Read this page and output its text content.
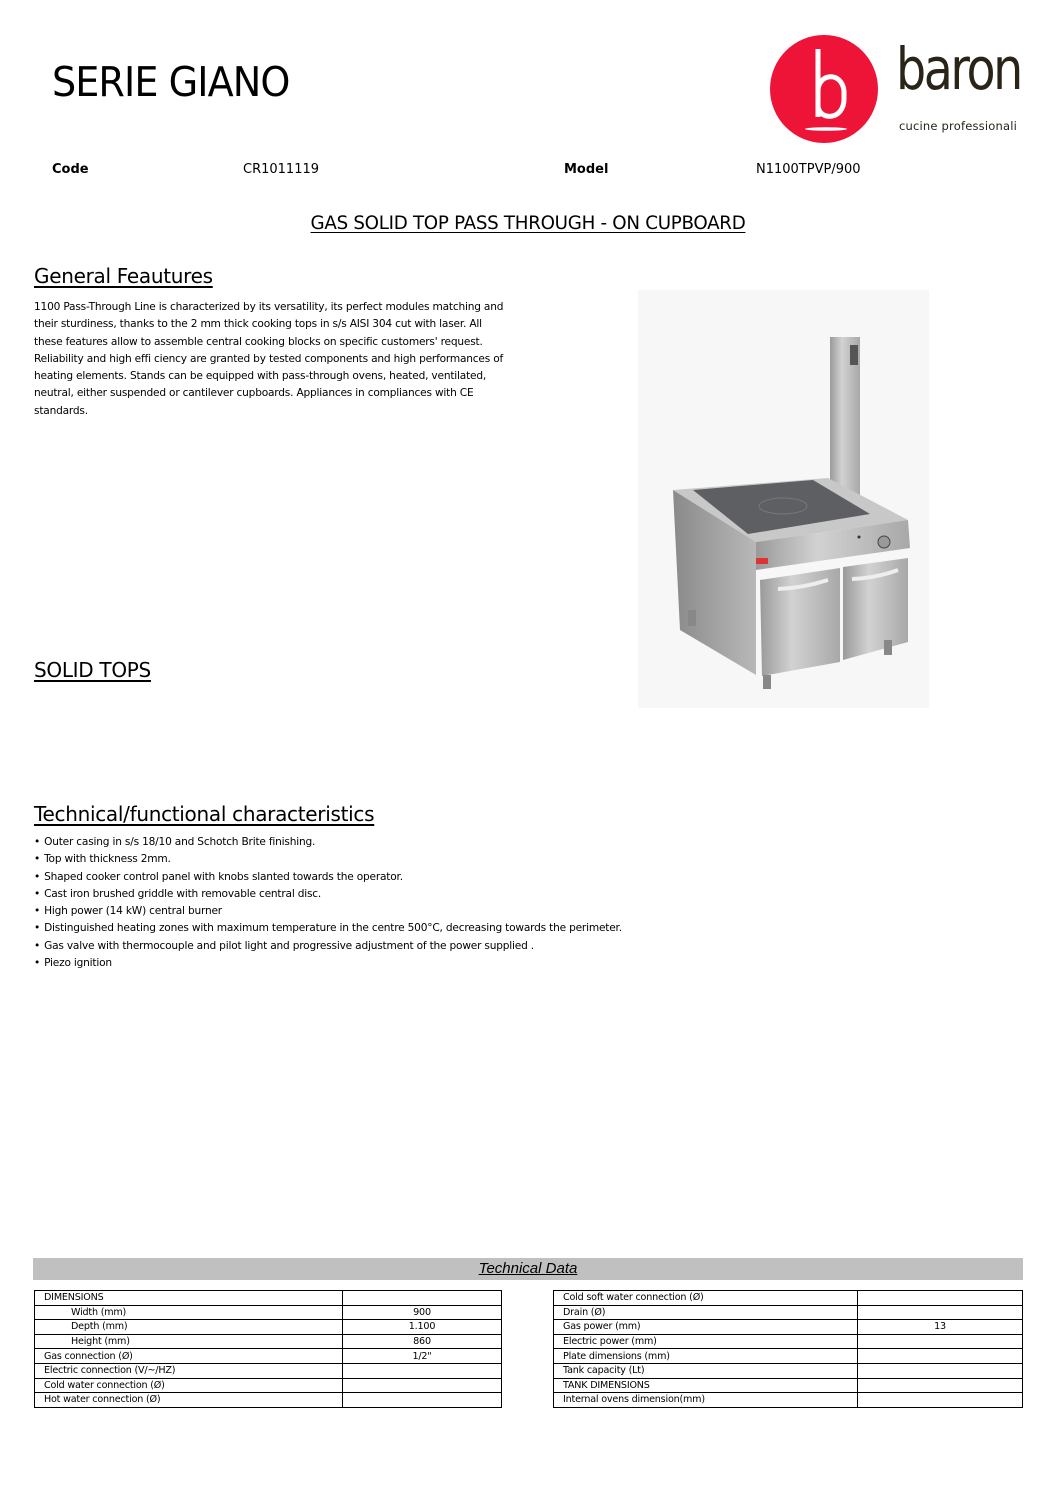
SERIE GIANO	baron
cucine professionali
Code	CR1011119	Model	N1100TPVP/900
GAS SOLID TOP PASS THROUGH - ON CUPBOARD
General Feautures
1100 Pass-Through Line is characterized by its versatility, its perfect modules matching and
their sturdiness, thanks to the 2 mm thick cooking tops in s/s AISI 304 cut with laser. All
these features allow to assemble central cooking blocks on specific customers' request.
Reliability and high effi ciency are granted by tested components and high performances of
heating elements. Stands can be equipped with pass-through ovens, heated, ventilated,
neutral, either suspended or cantilever cupboards. Appliances in compliances with CE
standards.
SOLID TOPS
Technical/functional characteristics
• Outer casing in s/s 18/10 and Schotch Brite finishing.
• Top with thickness 2mm.
• Shaped cooker control panel with knobs slanted towards the operator.
• Cast iron brushed griddle with removable central disc.
• High power (14 kW) central burner
• Distinguished heating zones with maximum temperature in the centre 500°C, decreasing towards the perimeter.
• Gas valve with thermocouple and pilot light and progressive adjustment of the power supplied .
• Piezo ignition
Technical Data
DIMENSIONS	
Width (mm)	900
Depth (mm)	1.100
Height (mm)	860
Gas connection (Ø)	1/2"
Electric connection (V/~/HZ)	
Cold water connection (Ø)	
Hot water connection (Ø)	
Cold soft water connection (Ø)	
Drain (Ø)	
Gas power (mm)	13
Electric power (mm)	
Plate dimensions (mm)	
Tank capacity (Lt)	
TANK DIMENSIONS	
Internal ovens dimension(mm)	
